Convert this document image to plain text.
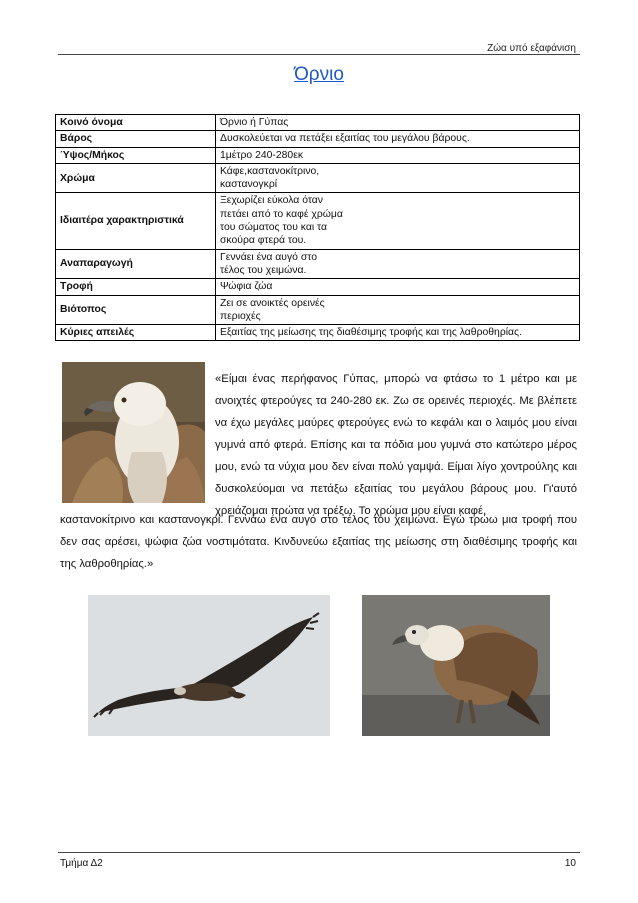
Ζώα υπό εξαφάνιση
Όρνιο
Κοινό όνομα	Όρνιο ή Γύπας
Βάρος	Δυσκολεύεται να πετάξει εξαιτίας του μεγάλου βάρους.
Ύψος/Μήκος	1μέτρο 240-280εκ
Χρώμα	Κάφε,καστανοκίτρινο,
καστανογκρί
Ιδιαιτέρα χαρακτηριστικά	Ξεχωρίζει εύκολα όταν
πετάει από το καφέ χρώμα
του σώματος του και τα
σκούρα φτερά του.
Αναπαραγωγή	Γεννάει ένα αυγό στο
τέλος του χειμώνα.
Τροφή	Ψώφια ζώα
Βιότοπος	Ζει σε ανοικτές ορεινές
περιοχές
Κύριες απειλές	Εξαιτίας της μείωσης της διαθέσιμης τροφής και της λαθροθηρίας.
«Είμαι ένας περήφανος Γύπας, μπορώ να φτάσω το 1 μέτρο και με ανοιχτές φτερούγες τα 240-280 εκ. Ζω σε ορεινές περιοχές. Με βλέπετε να έχω μεγάλες μαύρες φτερούγες ενώ το κεφάλι και ο λαιμός μου είναι γυμνά από φτερά. Επίσης και τα πόδια μου γυμνά στο κατώτερο μέρος μου, ενώ τα νύχια μου δεν είναι πολύ γαμψά. Είμαι λίγο χοντρούλης και δυσκολεύομαι να πετάξω εξαιτίας του μεγάλου βάρους μου. Γι'αυτό χρειάζομαι πρώτα να τρέξω. Το χρώμα μου είναι καφέ,
καστανοκίτρινο και καστανογκρί. Γεννάω ένα αυγό στο τέλος του χειμώνα. Εγώ τρώω μια τροφή που δεν σας αρέσει, ψώφια ζώα νοστιμότατα. Κινδυνεύω εξαιτίας της μείωσης στη διαθέσιμης τροφής και της λαθροθηρίας.»
Τμήμα Δ2	10
